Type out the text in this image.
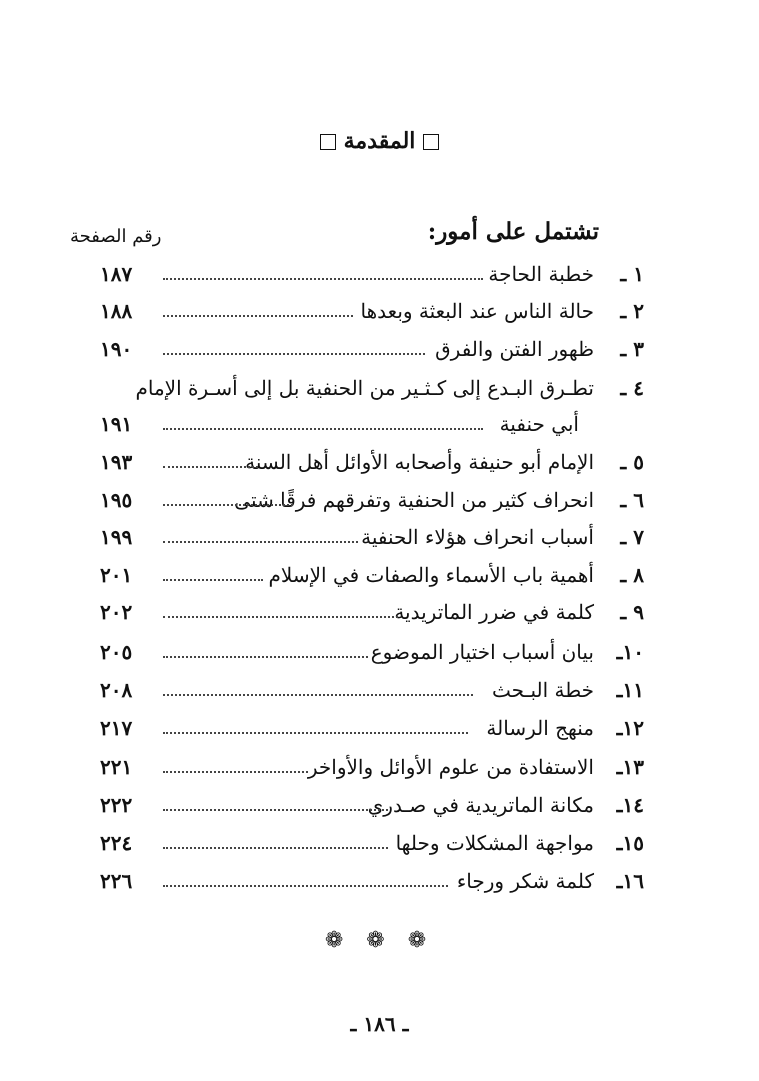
المقدمة
تشتمل على أمور:
رقم الصفحة
١ ـ
خطبة الحاجة
١٨٧
٢ ـ
حالة الناس عند البعثة وبعدها
١٨٨
٣ ـ
ظهور الفتن والفرق
١٩٠
٤ ـ
تطـرق البـدع إلى كـثـير من الحنفية بل إلى أسـرة الإمام
أبي حنفية
١٩١
٥ ـ
الإمام أبو حنيفة وأصحابه الأوائل أهل السنة
١٩٣
٦ ـ
انحراف كثير من الحنفية وتفرقهم فرقًا شتى
١٩٥
٧ ـ
أسباب انحراف هؤلاء الحنفية
١٩٩
٨ ـ
أهمية باب الأسماء والصفات في الإسلام
٢٠١
٩ ـ
كلمة في ضرر الماتريدية
٢٠٢
١٠ـ
بيان أسباب اختيار الموضوع
٢٠٥
١١ـ
خطة البـحث
٢٠٨
١٢ـ
منهج الرسالة
٢١٧
١٣ـ
الاستفادة من علوم الأوائل والأواخر
٢٢١
١٤ـ
مكانة الماتريدية في صـدري
٢٢٢
١٥ـ
مواجهة المشكلات وحلها
٢٢٤
١٦ـ
كلمة شكر ورجاء
٢٢٦
❁ ❁ ❁
ـ ١٨٦ ـ
